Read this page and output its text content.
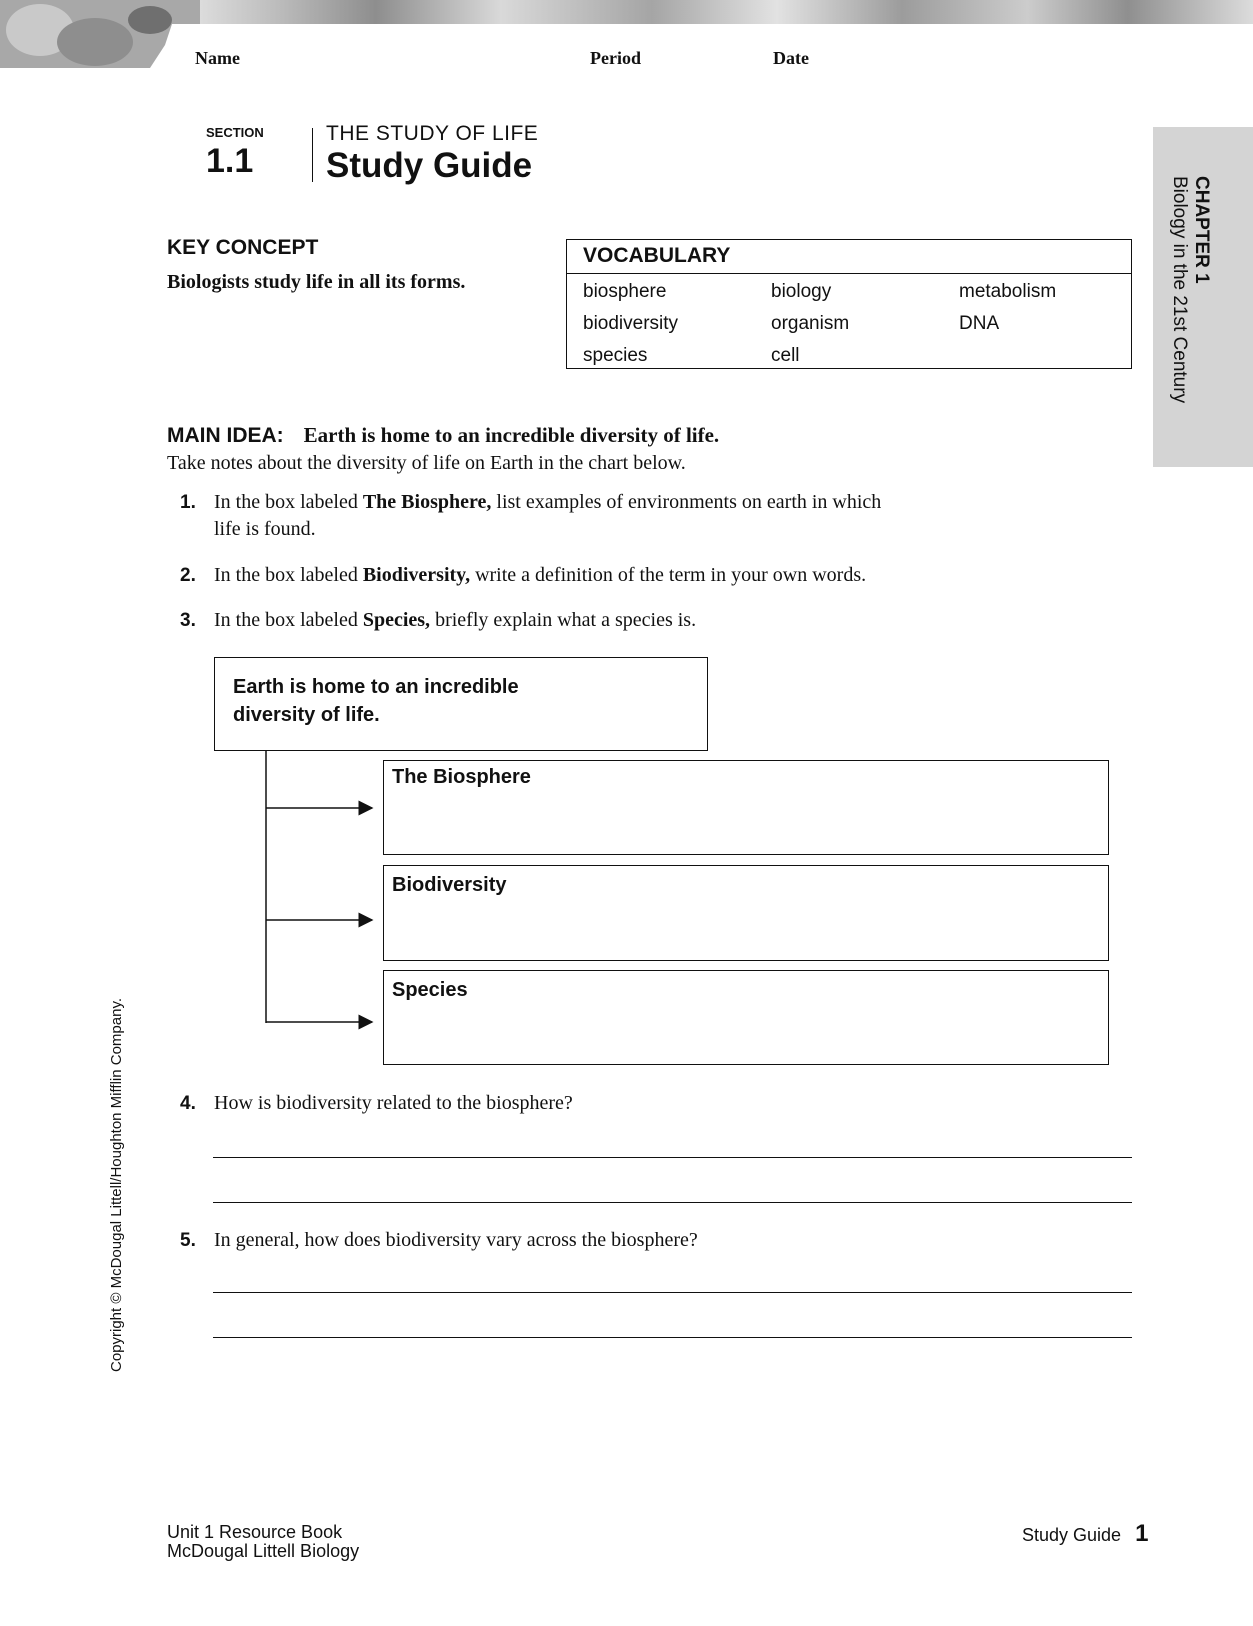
Name	Period	Date
SECTION
1.1
THE STUDY OF LIFE
Study Guide
CHAPTER 1
Biology in the 21st Century
KEY CONCEPT
Biologists study life in all its forms.
VOCABULARY
biosphere	biology	metabolism
biodiversity	organism	DNA
species	cell
MAIN IDEA: Earth is home to an incredible diversity of life.
Take notes about the diversity of life on Earth in the chart below.
1. In the box labeled The Biosphere, list examples of environments on earth in which
life is found.
2. In the box labeled Biodiversity, write a definition of the term in your own words.
3. In the box labeled Species, briefly explain what a species is.
Earth is home to an incredible
diversity of life.
The Biosphere
Biodiversity
Species
4. How is biodiversity related to the biosphere?
5. In general, how does biodiversity vary across the biosphere?
Copyright © McDougal Littell/Houghton Mifflin Company.
Unit 1 Resource Book
McDougal Littell Biology
Study Guide 1
